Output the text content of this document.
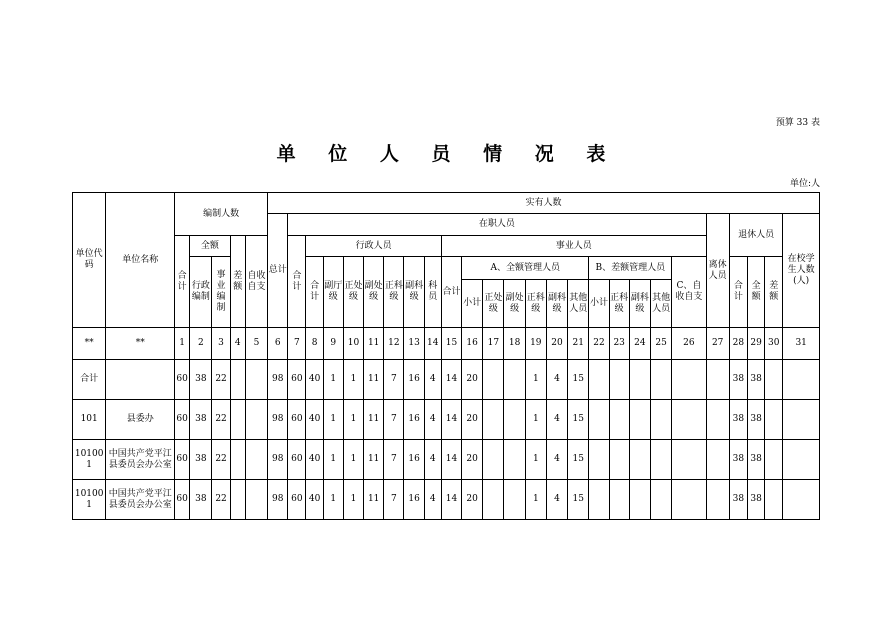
预算 33 表
单 位 人 员 情 况 表
单位:人
单位代码	单位名称	编制人数					实有人数																									
							总计	在职人员																				离休人员	退休人员			在校学生人数(人)
		合计	全额		差额	自收自支		合计	行政人员							事业人员																
			行政编制	事业编制					合计	副厅级	正处级	副处级	正科级	副科级	科员	合计	A、全额管理人员						B、差额管理人员				C、自收自支		合计	全额	差额	
																	小计	正处级	副处级	正科级	副科级	其他人员	小计	正科级	副科级	其他人员						
**	**	1	2	3	4	5	6	7	8	9	10	11	12	13	14	15	16	17	18	19	20	21	22	23	24	25	26	27	28	29	30	31
合计		60	38	22			98	60	40	1	1	11	7	16	4	14	20			1	4	15							38	38		
101	县委办	60	38	22			98	60	40	1	1	11	7	16	4	14	20			1	4	15							38	38		
101001	中国共产党平江县委员会办公室	60	38	22			98	60	40	1	1	11	7	16	4	14	20			1	4	15							38	38		
101001	中国共产党平江县委员会办公室	60	38	22			98	60	40	1	1	11	7	16	4	14	20			1	4	15							38	38		
